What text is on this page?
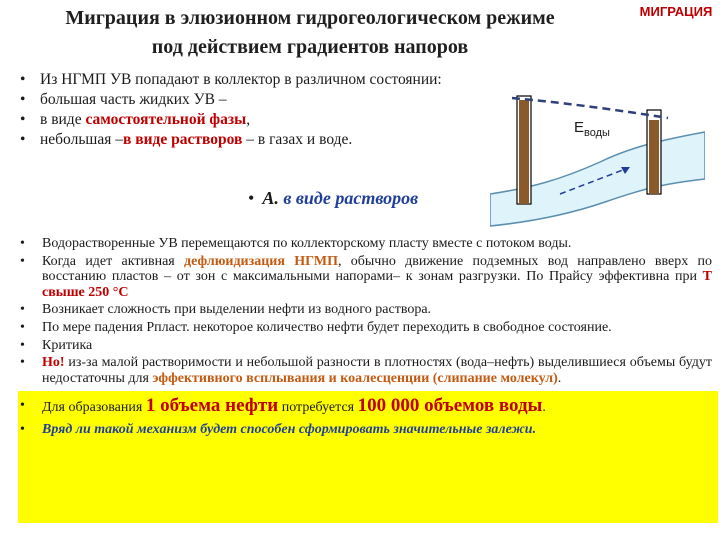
Миграция в элюзионном гидрогеологическом режиме
под действием градиентов напоров
МИГРАЦИЯ
• Из НГМП УВ попадают в коллектор в различном состоянии:
• большая часть жидких УВ –
• в виде самостоятельной фазы,
• небольшая –в виде растворов – в газах и воде.
$Е_{воды}$
• А. в виде растворов
• Водорастворенные УВ перемещаются по коллекторскому пласту вместе с потоком воды.
• Когда идет активная дефлюидизация НГМП, обычно движение подземных вод направлено вверх по восстанию пластов – от зон с максимальными напорами– к зонам разгрузки. По Прайсу эффективна при Т свыше 250 °С
• Возникает сложность при выделении нефти из водного раствора.
• По мере падения Рпласт. некоторое количество нефти будет переходить в свободное состояние.
• Критика
• Но! из-за малой растворимости и небольшой разности в плотностях (вода–нефть) выделившиеся объемы будут недостаточны для эффективного всплывания и коалесценции (слипание молекул).
• Для образования 1 объема нефти потребуется 100 000 объемов воды.
• Вряд ли такой механизм будет способен сформировать значительные залежи.
